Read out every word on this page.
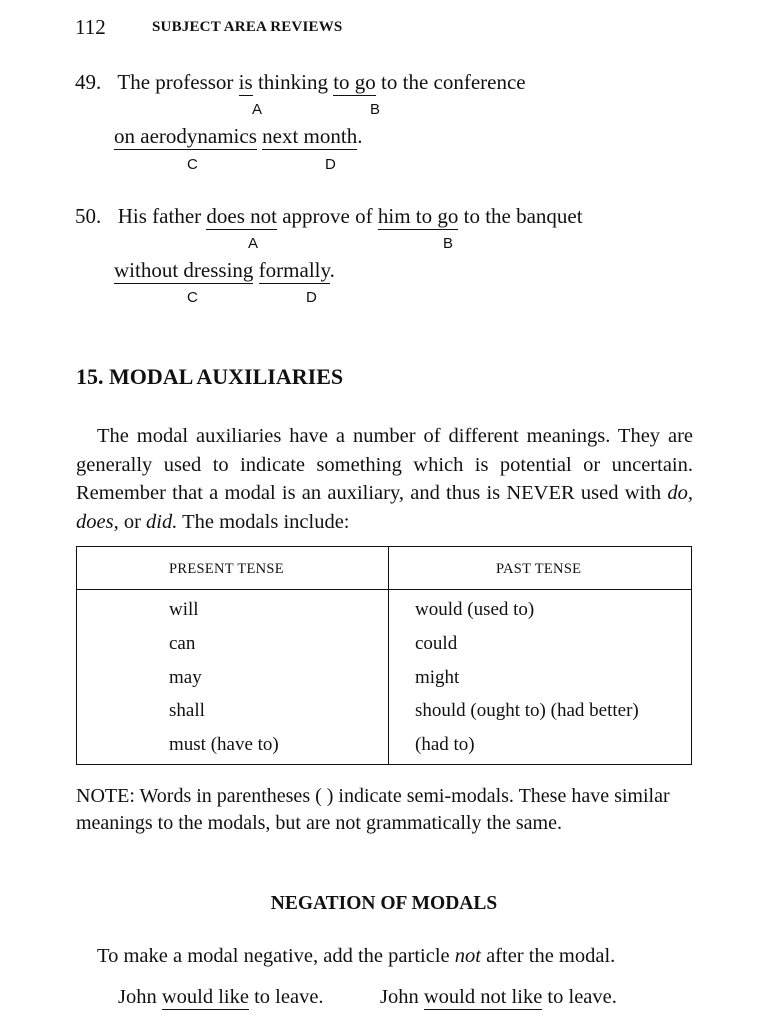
112	SUBJECT AREA REVIEWS
49. The professor is thinking to go to the conference
A	B
on aerodynamics next month.
C	D
50. His father does not approve of him to go to the banquet
A	B
without dressing formally.
C	D
15. MODAL AUXILIARIES
The modal auxiliaries have a number of different meanings. They are generally used to indicate something which is potential or uncertain. Remember that a modal is an auxiliary, and thus is NEVER used with do, does, or did. The modals include:
PRESENT TENSE	PAST TENSE
will	would (used to)
can	could
may	might
shall	should (ought to) (had better)
must (have to)	(had to)
NOTE: Words in parentheses ( ) indicate semi-modals. These have similar meanings to the modals, but are not grammatically the same.
NEGATION OF MODALS
To make a modal negative, add the particle not after the modal.
John would like to leave.	John would not like to leave.
